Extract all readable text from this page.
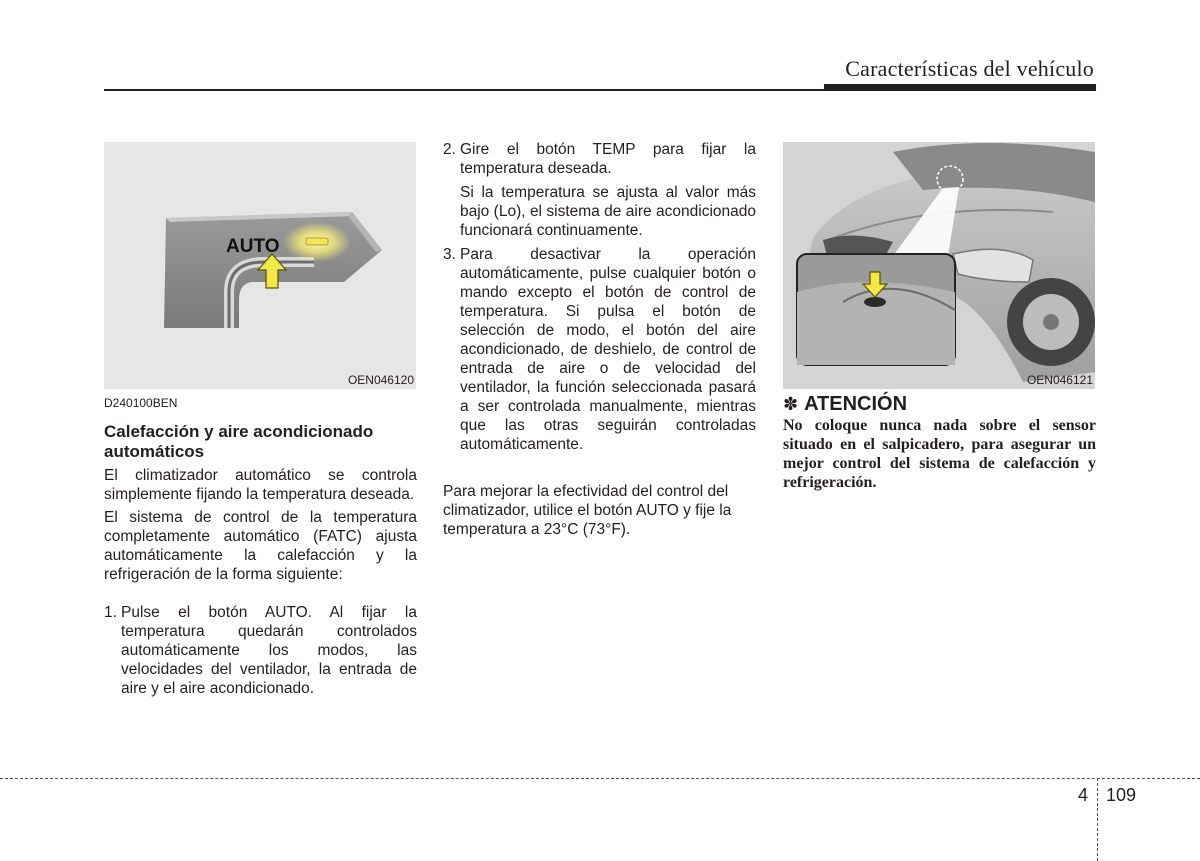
Características del vehículo
AUTO
OEN046120	OEN046121

D240100BEN

Calefacción y aire acondicionado automáticos

El climatizador automático se controla simplemente fijando la temperatura deseada.

El sistema de control de la temperatura completamente automático (FATC) ajusta automáticamente la calefacción y la refrigeración de la forma siguiente:

1. Pulse el botón AUTO. Al fijar la temperatura quedarán controlados automáticamente los modos, las velocidades del ventilador, la entrada de aire y el aire acondicionado.
2. Gire el botón TEMP para fijar la temperatura deseada.
Si la temperatura se ajusta al valor más bajo (Lo), el sistema de aire acondicionado funcionará continuamente.
3. Para desactivar la operación automáticamente, pulse cualquier botón o mando excepto el botón de control de temperatura. Si pulsa el botón de selección de modo, el botón del aire acondicionado, de deshielo, de control de entrada de aire o de velocidad del ventilador, la función seleccionada pasará a ser controlada manualmente, mientras que las otras seguirán controladas automáticamente.

Para mejorar la efectividad del control del climatizador, utilice el botón AUTO y fije la temperatura a 23°C (73°F).

✽ ATENCIÓN

No coloque nunca nada sobre el sensor situado en el salpicadero, para asegurar un mejor control del sistema de calefacción y refrigeración.

4 109
